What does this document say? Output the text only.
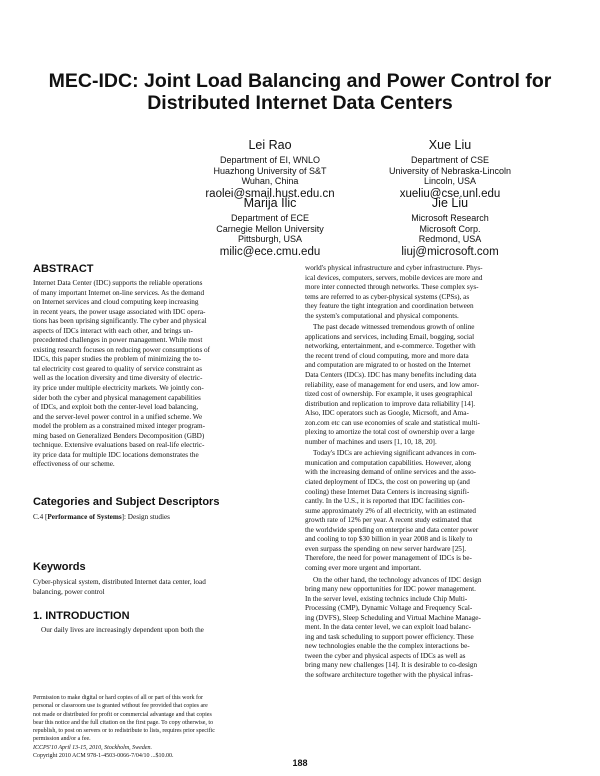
MEC-IDC: Joint Load Balancing and Power Control for
Distributed Internet Data Centers
Lei Rao
Department of EI, WNLO
Huazhong University of S&T
Wuhan, China
raolei@smail.hust.edu.cn
Xue Liu
Department of CSE
University of Nebraska-Lincoln
Lincoln, USA
xueliu@cse.unl.edu
Marija Ilic
Department of ECE
Carnegie Mellon University
Pittsburgh, USA
milic@ece.cmu.edu
Jie Liu
Microsoft Research
Microsoft Corp.
Redmond, USA
liuj@microsoft.com
ABSTRACT
Internet Data Center (IDC) supports the reliable operations
of many important Internet on-line services. As the demand
on Internet services and cloud computing keep increasing
in recent years, the power usage associated with IDC opera-
tions has been uprising significantly. The cyber and physical
aspects of IDCs interact with each other, and brings un-
precedented challenges in power management. While most
existing research focuses on reducing power consumptions of
IDCs, this paper studies the problem of minimizing the to-
tal electricity cost geared to quality of service constraint as
well as the location diversity and time diversity of electric-
ity price under multiple electricity markets. We jointly con-
sider both the cyber and physical management capabilities
of IDCs, and exploit both the center-level load balancing,
and the server-level power control in a unified scheme. We
model the problem as a constrained mixed integer program-
ming based on Generalized Benders Decomposition (GBD)
technique. Extensive evaluations based on real-life electric-
ity price data for multiple IDC locations demonstrates the
effectiveness of our scheme.
Categories and Subject Descriptors
C.4 [Performance of Systems]: Design studies
Keywords
Cyber-physical system, distributed Internet data center, load
balancing, power control
1. INTRODUCTION
Our daily lives are increasingly dependent upon both the
Permission to make digital or hard copies of all or part of this work for
personal or classroom use is granted without fee provided that copies are
not made or distributed for profit or commercial advantage and that copies
bear this notice and the full citation on the first page. To copy otherwise, to
republish, to post on servers or to redistribute to lists, requires prior specific
permission and/or a fee.
ICCPS'10 April 13-15, 2010, Stockholm, Sweden.
Copyright 2010 ACM 978-1-4503-0066-7/04/10 ...$10.00.
world's physical infrastructure and cyber infrastructure. Phys-
ical devices, computers, servers, mobile devices are more and
more inter connected through networks. These complex sys-
tems are referred to as cyber-physical systems (CPSs), as
they feature the tight integration and coordination between
the system's computational and physical components.
The past decade witnessed tremendous growth of online
applications and services, including Email, bogging, social
networking, entertainment, and e-commerce. Together with
the recent trend of cloud computing, more and more data
and computation are migrated to or hosted on the Internet
Data Centers (IDCs). IDC has many benefits including data
reliability, ease of management for end users, and low amor-
tized cost of ownership. For example, it uses geographical
distribution and replication to improve data reliability [14].
Also, IDC operators such as Google, Micrsoft, and Ama-
zon.com etc can use economies of scale and statistical multi-
plexing to amortize the total cost of ownership over a large
number of machines and users [1, 10, 18, 20].
Today's IDCs are achieving significant advances in com-
munication and computation capabilities. However, along
with the increasing demand of online services and the asso-
ciated deployment of IDCs, the cost on powering up (and
cooling) these Internet Data Centers is increasing signifi-
cantly. In the U.S., it is reported that IDC facilities con-
sume approximately 2% of all electricity, with an estimated
growth rate of 12% per year. A recent study estimated that
the worldwide spending on enterprise and data center power
and cooling to top $30 billion in year 2008 and is likely to
even surpass the spending on new server hardware [25].
Therefore, the need for power management of IDCs is be-
coming ever more urgent and important.
On the other hand, the technology advances of IDC design
bring many new opportunities for IDC power management.
In the server level, existing technics include Chip Multi-
Processing (CMP), Dynamic Voltage and Frequency Scal-
ing (DVFS), Sleep Scheduling and Virtual Machine Manage-
ment. In the data center level, we can exploit load balanc-
ing and task scheduling to support power efficiency. These
new technologies enable the the complex interactions be-
tween the cyber and physical aspects of IDCs as well as
bring many new challenges [14]. It is desirable to co-design
the software architecture together with the physical infras-
188
